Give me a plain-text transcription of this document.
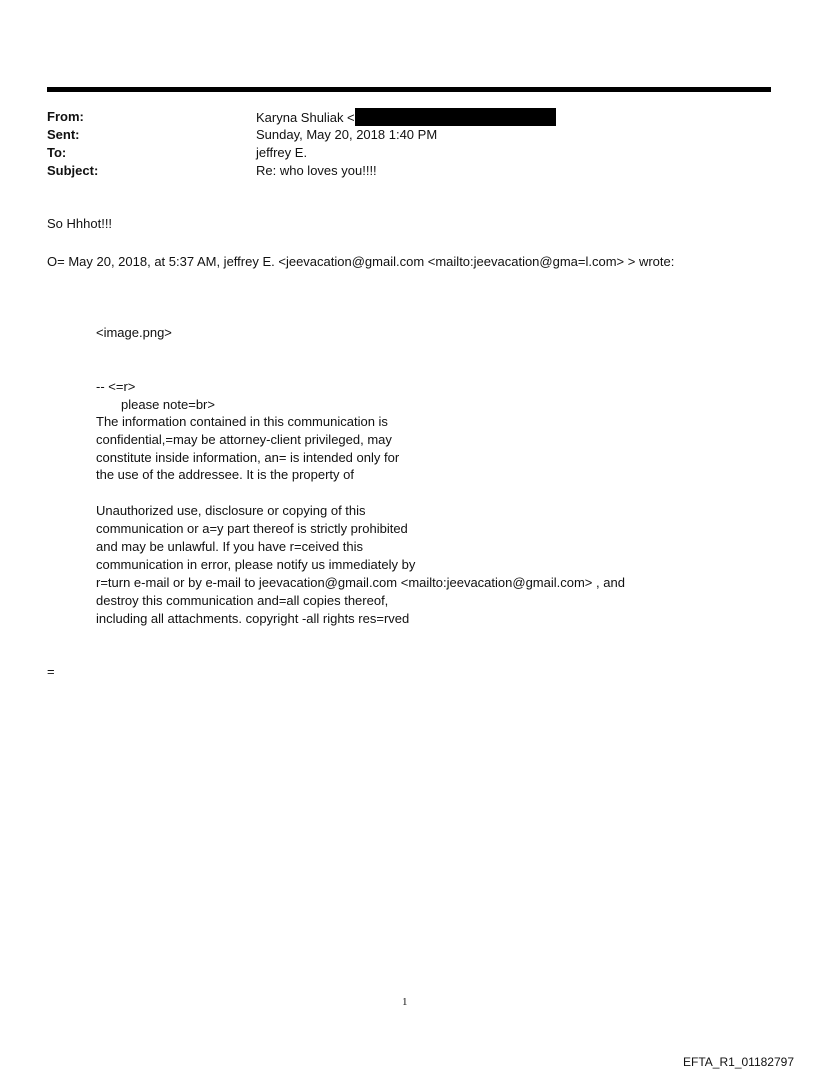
From:	Karyna Shuliak <
Sent:	Sunday, May 20, 2018 1:40 PM
To:	jeffrey E.
Subject:	Re: who loves you!!!!
So Hhhot!!!
O= May 20, 2018, at 5:37 AM, jeffrey E. <jeevacation@gmail.com <mailto:jeevacation@gma=l.com> > wrote:
<image.png>
-- <=r>
please note=br>
The information contained in this communication is
confidential,=may be attorney-client privileged, may
constitute inside information, an= is intended only for
the use of the addressee. It is the property of
Unauthorized use, disclosure or copying of this
communication or a=y part thereof is strictly prohibited
and may be unlawful. If you have r=ceived this
communication in error, please notify us immediately by
r=turn e-mail or by e-mail to jeevacation@gmail.com <mailto:jeevacation@gmail.com> , and
destroy this communication and=all copies thereof,
including all attachments. copyright -all rights res=rved
=
1
EFTA_R1_01182797
